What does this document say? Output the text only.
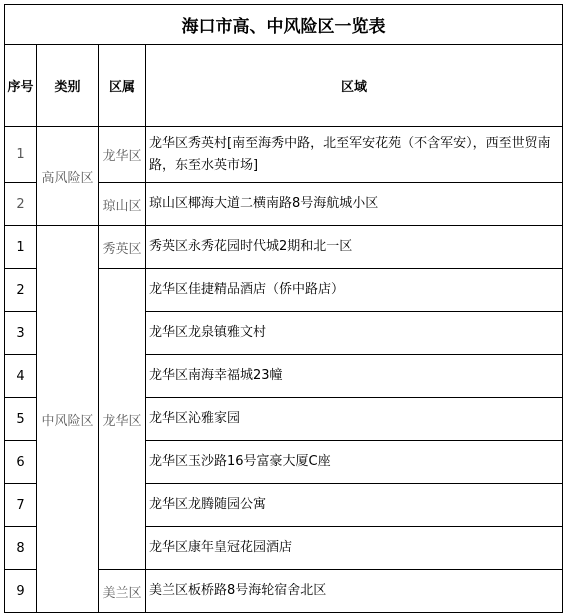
海口市高、中风险区一览表			
序号	类别	区属	区域
1	高风险区	龙华区	龙华区秀英村[南至海秀中路，北至军安花苑（不含军安），西至世贸南路，东至水英市场]
2		琼山区	琼山区椰海大道二横南路8号海航城小区
1	中风险区	秀英区	秀英区永秀花园时代城2期和北一区
2		龙华区	龙华区佳捷精品酒店（侨中路店）
3			龙华区龙泉镇雅文村
4			龙华区南海幸福城23幢
5			龙华区沁雅家园
6			龙华区玉沙路16号富豪大厦C座
7			龙华区龙腾随园公寓
8			龙华区康年皇冠花园酒店
9		美兰区	美兰区板桥路8号海轮宿舍北区
